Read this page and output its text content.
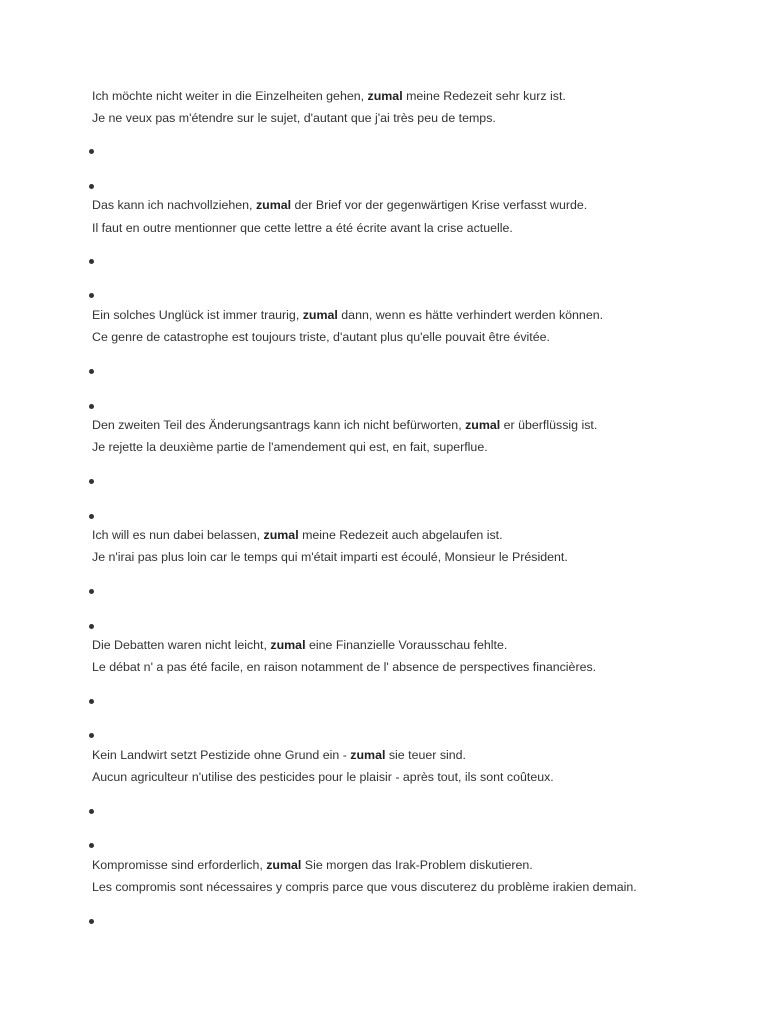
Ich möchte nicht weiter in die Einzelheiten gehen, zumal meine Redezeit sehr kurz ist.
Je ne veux pas m'étendre sur le sujet, d'autant que j'ai très peu de temps.
Das kann ich nachvollziehen, zumal der Brief vor der gegenwärtigen Krise verfasst wurde.
Il faut en outre mentionner que cette lettre a été écrite avant la crise actuelle.
Ein solches Unglück ist immer traurig, zumal dann, wenn es hätte verhindert werden können.
Ce genre de catastrophe est toujours triste, d'autant plus qu'elle pouvait être évitée.
Den zweiten Teil des Änderungsantrags kann ich nicht befürworten, zumal er überflüssig ist.
Je rejette la deuxième partie de l'amendement qui est, en fait, superflue.
Ich will es nun dabei belassen, zumal meine Redezeit auch abgelaufen ist.
Je n'irai pas plus loin car le temps qui m'était imparti est écoulé, Monsieur le Président.
Die Debatten waren nicht leicht, zumal eine Finanzielle Vorausschau fehlte.
Le débat n' a pas été facile, en raison notamment de l' absence de perspectives financières.
Kein Landwirt setzt Pestizide ohne Grund ein - zumal sie teuer sind.
Aucun agriculteur n'utilise des pesticides pour le plaisir - après tout, ils sont coûteux.
Kompromisse sind erforderlich, zumal Sie morgen das Irak-Problem diskutieren.
Les compromis sont nécessaires y compris parce que vous discuterez du problème irakien demain.
